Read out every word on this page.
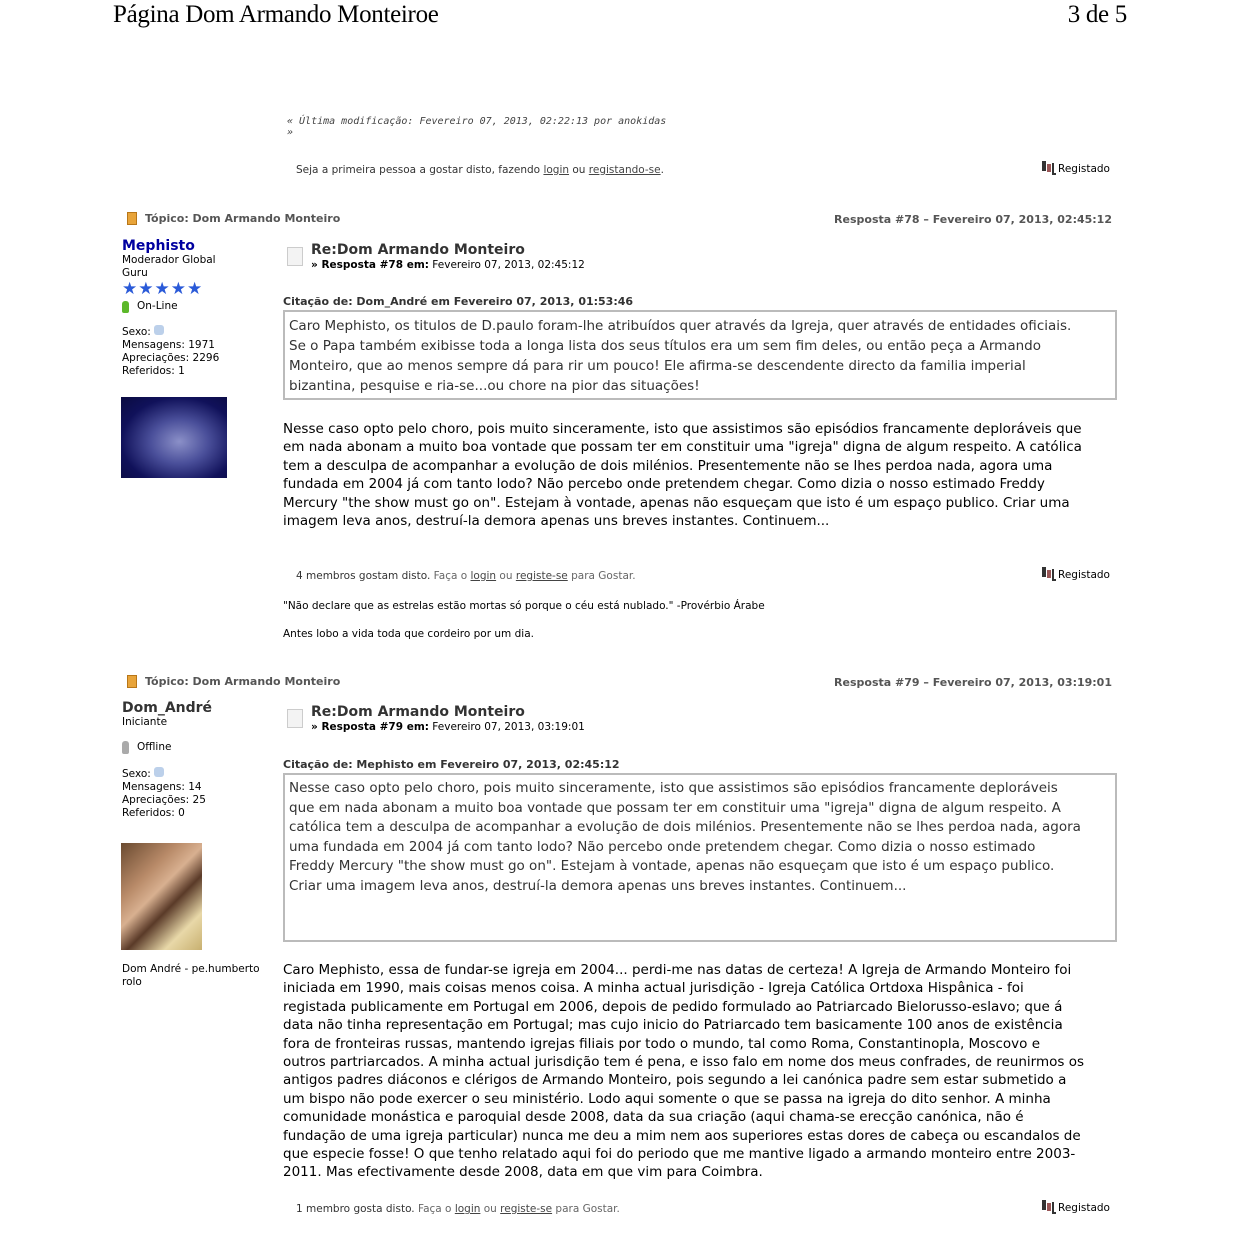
Página Dom Armando Monteiroe	3 de 5
« Última modificação: Fevereiro 07, 2013, 02:22:13 por anokidas
»
Seja a primeira pessoa a gostar disto, fazendo login ou registando-se.	Registado
Tópico: Dom Armando Monteiro	Resposta #78 – Fevereiro 07, 2013, 02:45:12
Mephisto
Moderador Global
Guru
★ ★ ★ ★ ★
On-Line
Sexo:
Mensagens: 1971
Apreciações: 2296
Referidos: 1
Re:Dom Armando Monteiro
» Resposta #78 em: Fevereiro 07, 2013, 02:45:12
Citação de: Dom_André em Fevereiro 07, 2013, 01:53:46
Caro Mephisto, os titulos de D.paulo foram-lhe atribuídos quer através da Igreja, quer através de entidades oficiais.
Se o Papa também exibisse toda a longa lista dos seus títulos era um sem fim deles, ou então peça a Armando
Monteiro, que ao menos sempre dá para rir um pouco! Ele afirma-se descendente directo da familia imperial
bizantina, pesquise e ria-se...ou chore na pior das situações!
Nesse caso opto pelo choro, pois muito sinceramente, isto que assistimos são episódios francamente deploráveis que
em nada abonam a muito boa vontade que possam ter em constituir uma "igreja" digna de algum respeito. A católica
tem a desculpa de acompanhar a evolução de dois milénios. Presentemente não se lhes perdoa nada, agora uma
fundada em 2004 já com tanto lodo? Não percebo onde pretendem chegar. Como dizia o nosso estimado Freddy
Mercury "the show must go on". Estejam à vontade, apenas não esqueçam que isto é um espaço publico. Criar uma
imagem leva anos, destruí-la demora apenas uns breves instantes. Continuem...
4 membros gostam disto. Faça o login ou registe-se para Gostar.	Registado
"Não declare que as estrelas estão mortas só porque o céu está nublado." -Provérbio Árabe
Antes lobo a vida toda que cordeiro por um dia.
Tópico: Dom Armando Monteiro	Resposta #79 – Fevereiro 07, 2013, 03:19:01
Dom_André
Iniciante
Offline
Sexo:
Mensagens: 14
Apreciações: 25
Referidos: 0
Dom André - pe.humberto rolo
Re:Dom Armando Monteiro
» Resposta #79 em: Fevereiro 07, 2013, 03:19:01
Citação de: Mephisto em Fevereiro 07, 2013, 02:45:12
Nesse caso opto pelo choro, pois muito sinceramente, isto que assistimos são episódios francamente deploráveis
que em nada abonam a muito boa vontade que possam ter em constituir uma "igreja" digna de algum respeito. A
católica tem a desculpa de acompanhar a evolução de dois milénios. Presentemente não se lhes perdoa nada, agora
uma fundada em 2004 já com tanto lodo? Não percebo onde pretendem chegar. Como dizia o nosso estimado
Freddy Mercury "the show must go on". Estejam à vontade, apenas não esqueçam que isto é um espaço publico.
Criar uma imagem leva anos, destruí-la demora apenas uns breves instantes. Continuem...
Caro Mephisto, essa de fundar-se igreja em 2004... perdi-me nas datas de certeza! A Igreja de Armando Monteiro foi
iniciada em 1990, mais coisas menos coisa. A minha actual jurisdição - Igreja Católica Ortdoxa Hispânica - foi
registada publicamente em Portugal em 2006, depois de pedido formulado ao Patriarcado Bielorusso-eslavo; que á
data não tinha representação em Portugal; mas cujo inicio do Patriarcado tem basicamente 100 anos de existência
fora de fronteiras russas, mantendo igrejas filiais por todo o mundo, tal como Roma, Constantinopla, Moscovo e
outros partriarcados. A minha actual jurisdição tem é pena, e isso falo em nome dos meus confrades, de reunirmos os
antigos padres diáconos e clérigos de Armando Monteiro, pois segundo a lei canónica padre sem estar submetido a
um bispo não pode exercer o seu ministério. Lodo aqui somente o que se passa na igreja do dito senhor. A minha
comunidade monástica e paroquial desde 2008, data da sua criação (aqui chama-se erecção canónica, não é
fundação de uma igreja particular) nunca me deu a mim nem aos superiores estas dores de cabeça ou escandalos de
que especie fosse! O que tenho relatado aqui foi do periodo que me mantive ligado a armando monteiro entre 2003-
2011. Mas efectivamente desde 2008, data em que vim para Coimbra.
1 membro gosta disto. Faça o login ou registe-se para Gostar.	Registado
